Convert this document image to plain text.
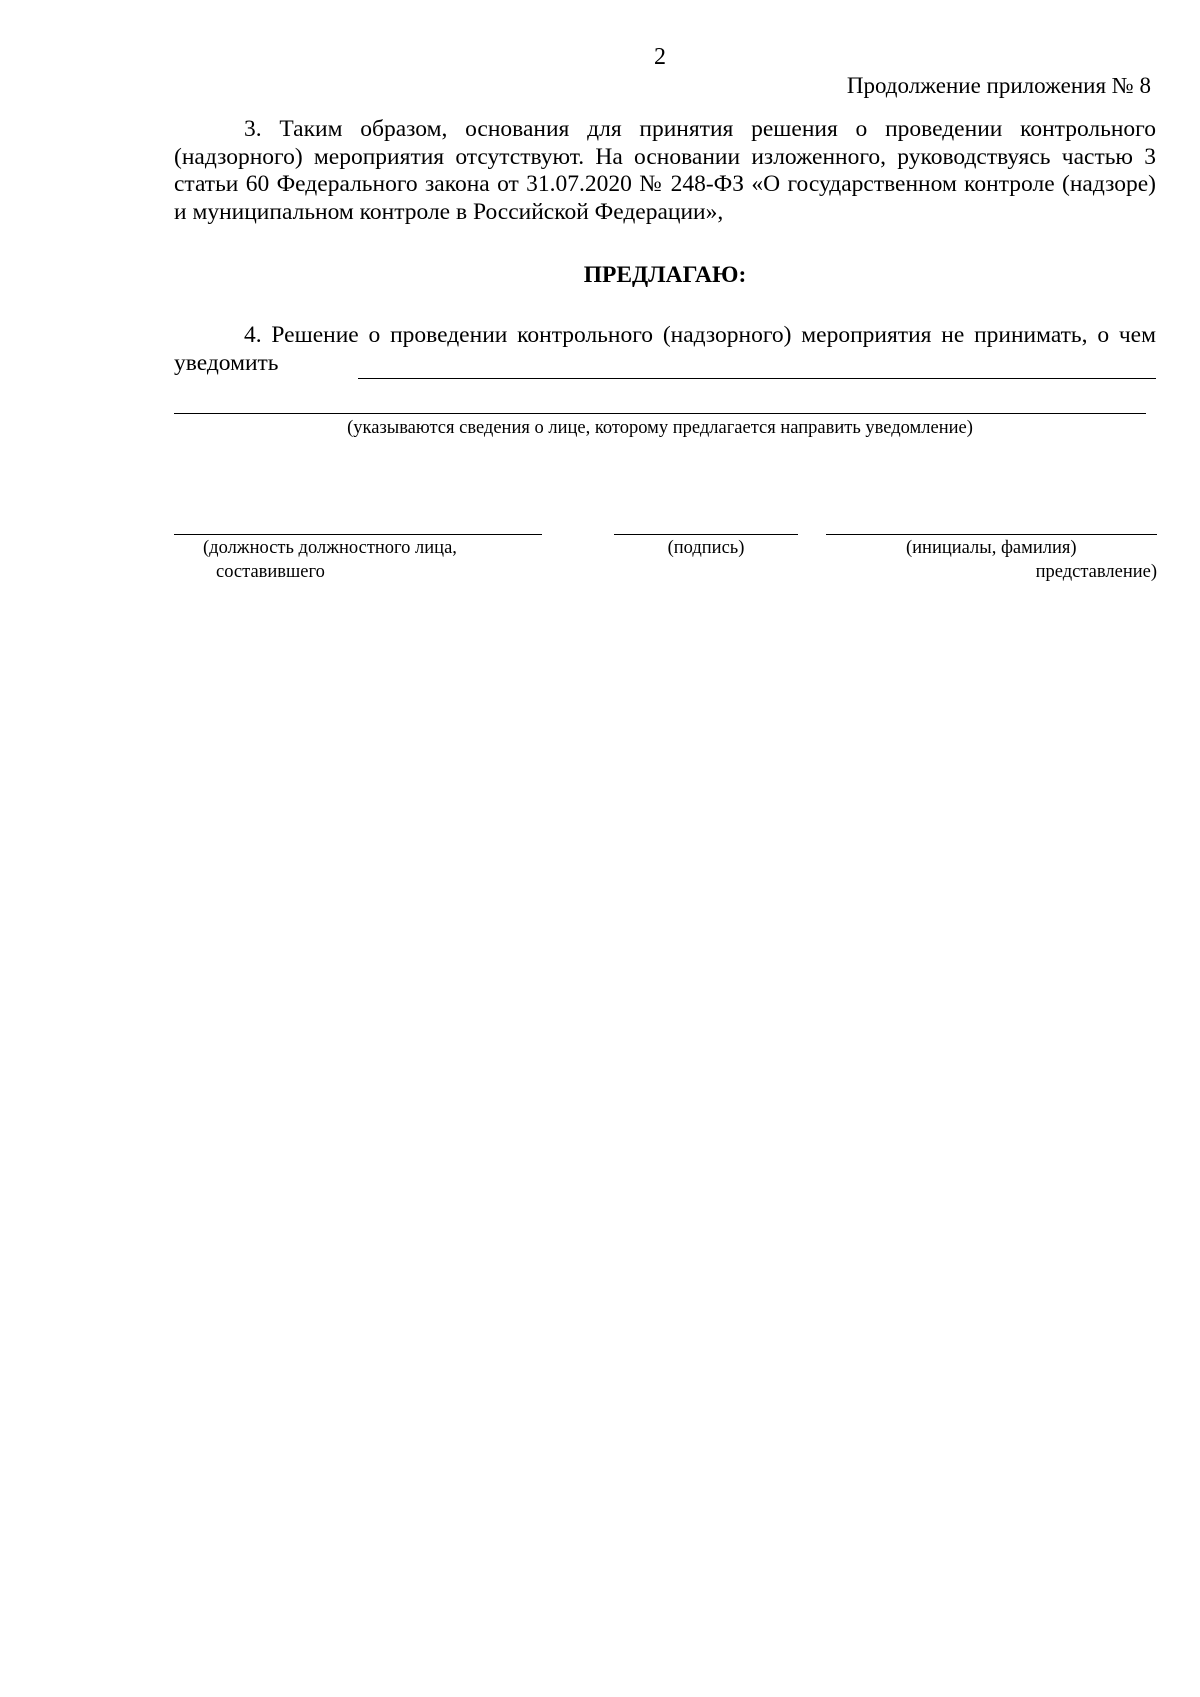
2
Продолжение приложения № 8
3. Таким образом, основания для принятия решения о проведении контрольного (надзорного) мероприятия отсутствуют. На основании изложенного, руководствуясь частью 3 статьи 60 Федерального закона от 31.07.2020 № 248-ФЗ «О государственном контроле (надзоре) и муниципальном контроле в Российской Федерации»,
ПРЕДЛАГАЮ:
4. Решение о проведении контрольного (надзорного) мероприятия не принимать, о чем уведомить
(указываются сведения о лице, которому предлагается направить уведомление)
(должность должностного лица,
составившего
(подпись)	(инициалы, фамилия)
представление)
